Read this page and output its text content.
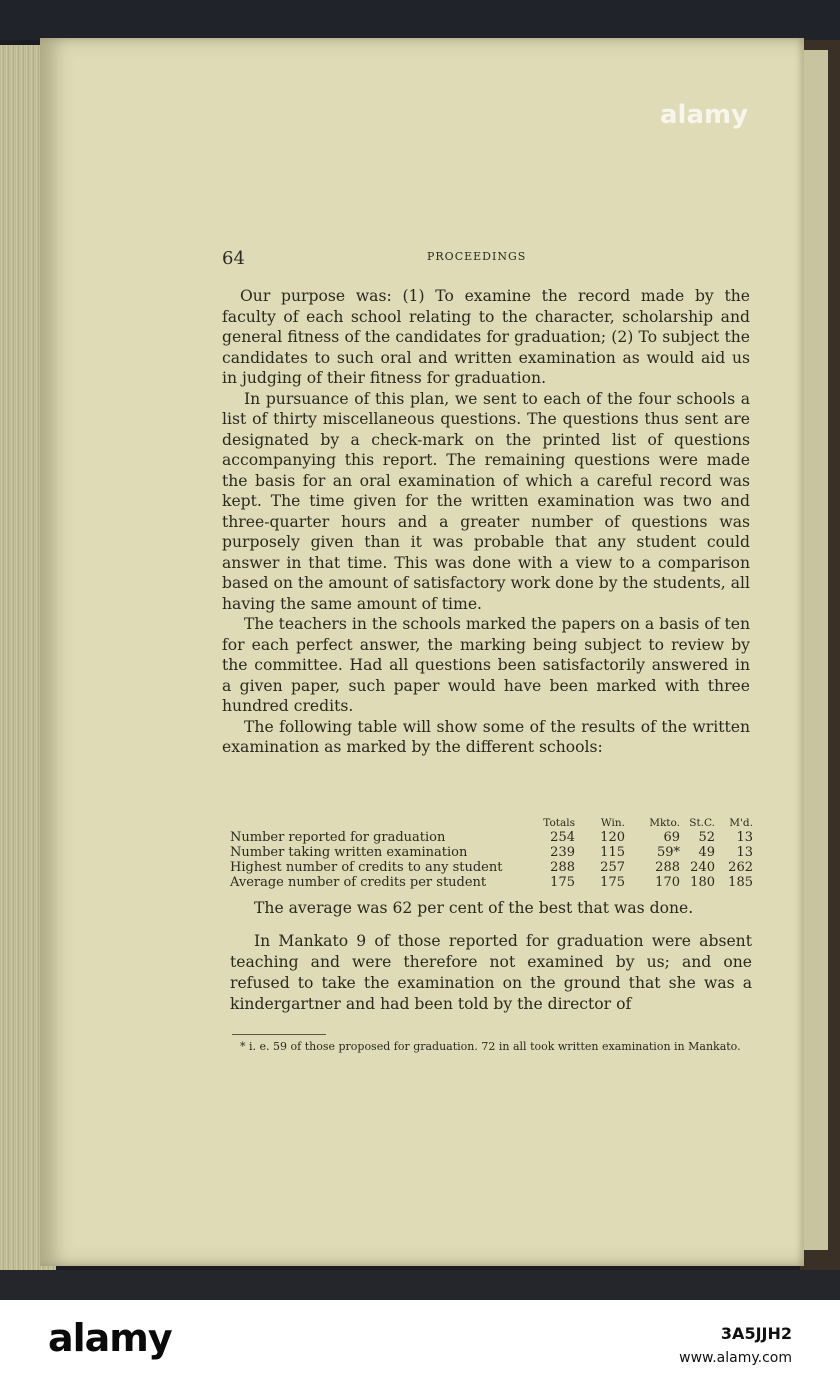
64	PROCEEDINGS

Our purpose was: (1) To examine the record made by the faculty of each school relating to the character, scholarship and general fitness of the candidates for graduation; (2) To subject the candidates to such oral and written examination as would aid us in judging of their fitness for graduation.

In pursuance of this plan, we sent to each of the four schools a list of thirty miscellaneous questions. The questions thus sent are designated by a check-mark on the printed list of questions accompanying this report. The remaining questions were made the basis for an oral examination of which a careful record was kept. The time given for the written examination was two and three-quarter hours and a greater number of questions was purposely given than it was probable that any student could answer in that time. This was done with a view to a comparison based on the amount of satisfactory work done by the students, all having the same amount of time.

The teachers in the schools marked the papers on a basis of ten for each perfect answer, the marking being subject to review by the committee. Had all questions been satisfactorily answered in a given paper, such paper would have been marked with three hundred credits.

The following table will show some of the results of the written examination as marked by the different schools:

Totals	Win.	Mkto. St.C.	M'd.
Number reported for graduation	254	120	69	52	13
Number taking written examination	239	115	59*	49	13
Highest number of credits to any student	288	257	288 240	262
Average number of credits per student	175	175	170 180	185

The average was 62 per cent of the best that was done.

In Mankato 9 of those reported for graduation were absent teaching and were therefore not examined by us; and one refused to take the examination on the ground that she was a kindergartner and had been told by the director of

* i. e. 59 of those proposed for graduation. 72 in all took written examination in Mankato.
alamy
alamy	3A5JJH2
www.alamy.com
